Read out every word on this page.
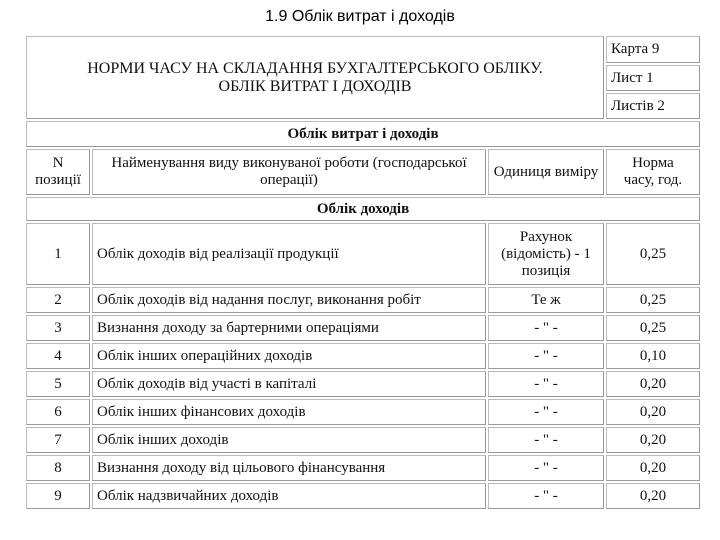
1.9 Облік витрат і доходів
НОРМИ ЧАСУ НА СКЛАДАННЯ БУХГАЛТЕРСЬКОГО ОБЛІКУ. ОБЛІК ВИТРАТ І ДОХОДІВ			Карта 9
			Лист 1
			Листів 2
Облік витрат і доходів			
N позиції	Найменування виду виконуваної роботи (господарської операції)	Одиниця виміру	Норма часу, год.
Облік доходів			
1	Облік доходів від реалізації продукції	Рахунок (відомість) - 1 позиція	0,25
2	Облік доходів від надання послуг, виконання робіт	Те ж	0,25
3	Визнання доходу за бартерними операціями	- " -	0,25
4	Облік інших операційних доходів	- " -	0,10
5	Облік доходів від участі в капіталі	- " -	0,20
6	Облік інших фінансових доходів	- " -	0,20
7	Облік інших доходів	- " -	0,20
8	Визнання доходу від цільового фінансування	- " -	0,20
9	Облік надзвичайних доходів	- " -	0,20
